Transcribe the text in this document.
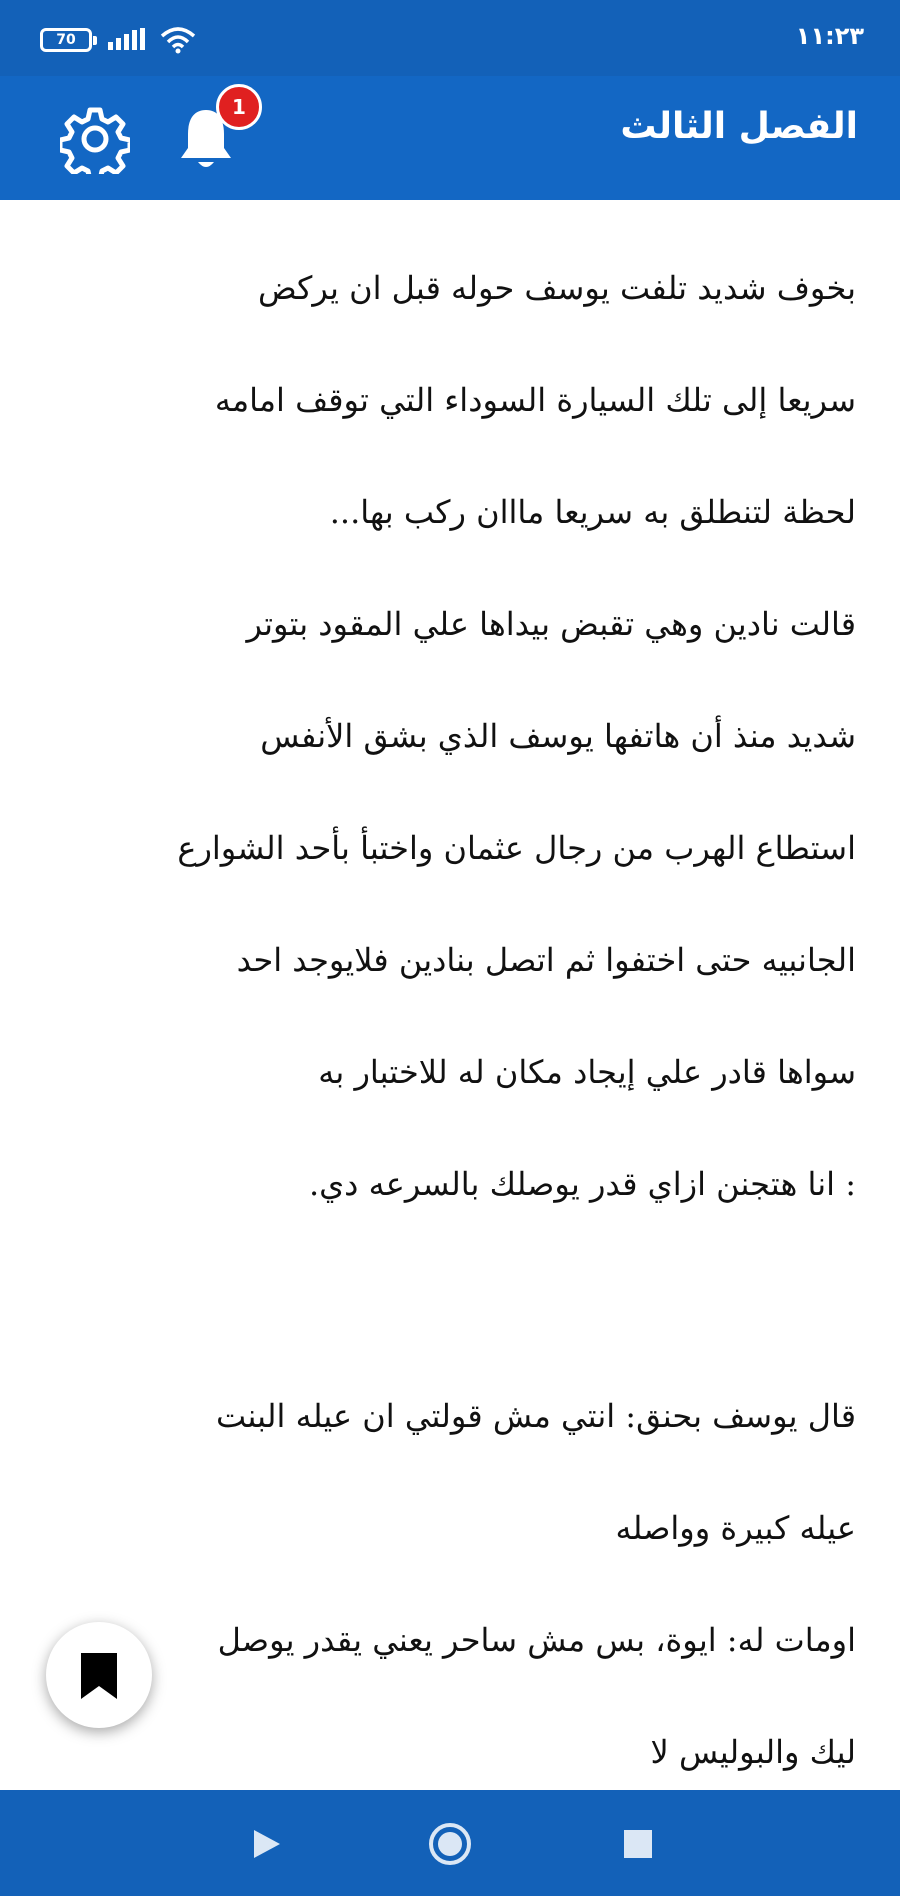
70	١١:٢٣
الفصل الثالث
1
بخوف شديد تلفت يوسف حوله قبل ان يركض
سريعا إلى تلك السيارة السوداء التي توقف امامه
لحظة لتنطلق به سريعا مااان ركب بها...
قالت نادين وهي تقبض بيداها علي المقود بتوتر
شديد منذ أن هاتفها يوسف الذي بشق الأنفس
استطاع الهرب من رجال عثمان واختبأ بأحد الشوارع
الجانبيه حتى اختفوا ثم اتصل بنادين فلايوجد احد
سواها قادر علي إيجاد مكان له للاختبار به
: انا هتجنن ازاي قدر يوصلك بالسرعه دي.
قال يوسف بحنق: انتي مش قولتي ان عيله البنت
عيله كبيرة وواصله
اومات له: ايوة، بس مش ساحر يعني يقدر يوصل
ليك والبوليس لا
